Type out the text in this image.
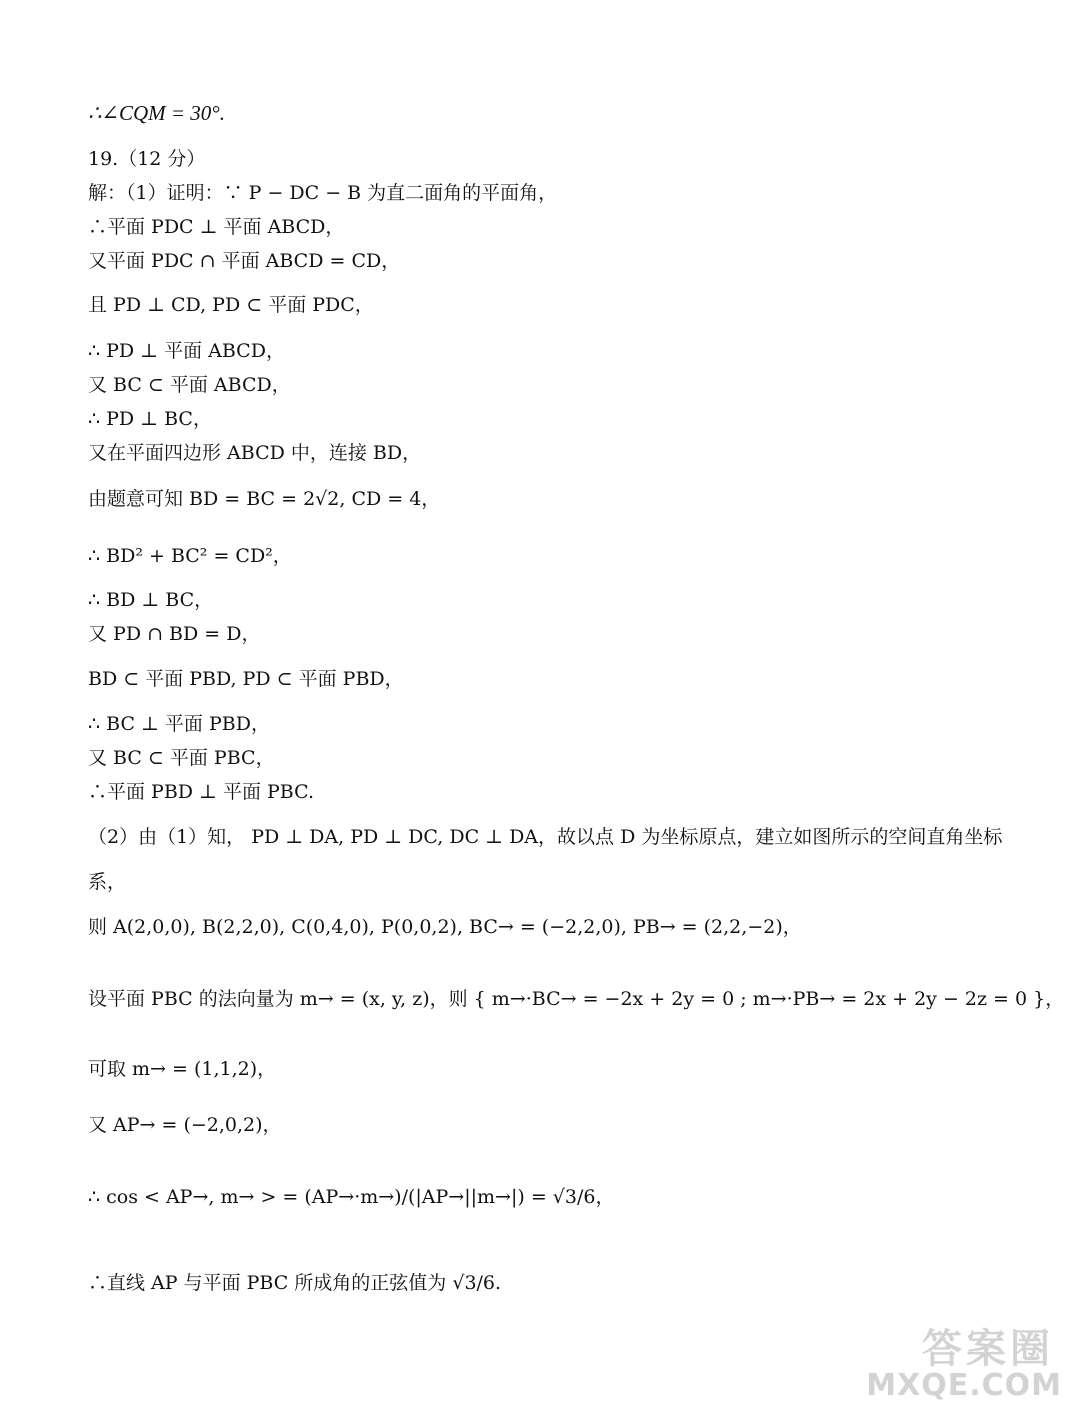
∴∠CQM = 30°.
19.（12 分）
解：（1）证明：∵ P − DC − B 为直二面角的平面角，
∴平面 PDC ⊥ 平面 ABCD，
又平面 PDC ∩ 平面 ABCD = CD，
且 PD ⊥ CD, PD ⊂ 平面 PDC，
∴ PD ⊥ 平面 ABCD，
又 BC ⊂ 平面 ABCD，
∴ PD ⊥ BC，
又在平面四边形 ABCD 中，连接 BD，
由题意可知 BD = BC = 2√2, CD = 4，
∴ BD² + BC² = CD²，
∴ BD ⊥ BC，
又 PD ∩ BD = D，
BD ⊂ 平面 PBD, PD ⊂ 平面 PBD，
∴ BC ⊥ 平面 PBD，
又 BC ⊂ 平面 PBC，
∴平面 PBD ⊥ 平面 PBC.
（2）由（1）知， PD ⊥ DA, PD ⊥ DC, DC ⊥ DA，故以点 D 为坐标原点，建立如图所示的空间直角坐标
系，
则 A(2,0,0), B(2,2,0), C(0,4,0), P(0,0,2), BC→ = (−2,2,0), PB→ = (2,2,−2)，
设平面 PBC 的法向量为 m→ = (x, y, z)，则 { m→·BC→ = −2x + 2y = 0 ; m→·PB→ = 2x + 2y − 2z = 0 }，
可取 m→ = (1,1,2)，
又 AP→ = (−2,0,2)，
∴ cos < AP→, m→ > = (AP→·m→)/(|AP→||m→|) = √3/6，
∴直线 AP 与平面 PBC 所成角的正弦值为 √3/6.
答案圈
MXQE.COM
